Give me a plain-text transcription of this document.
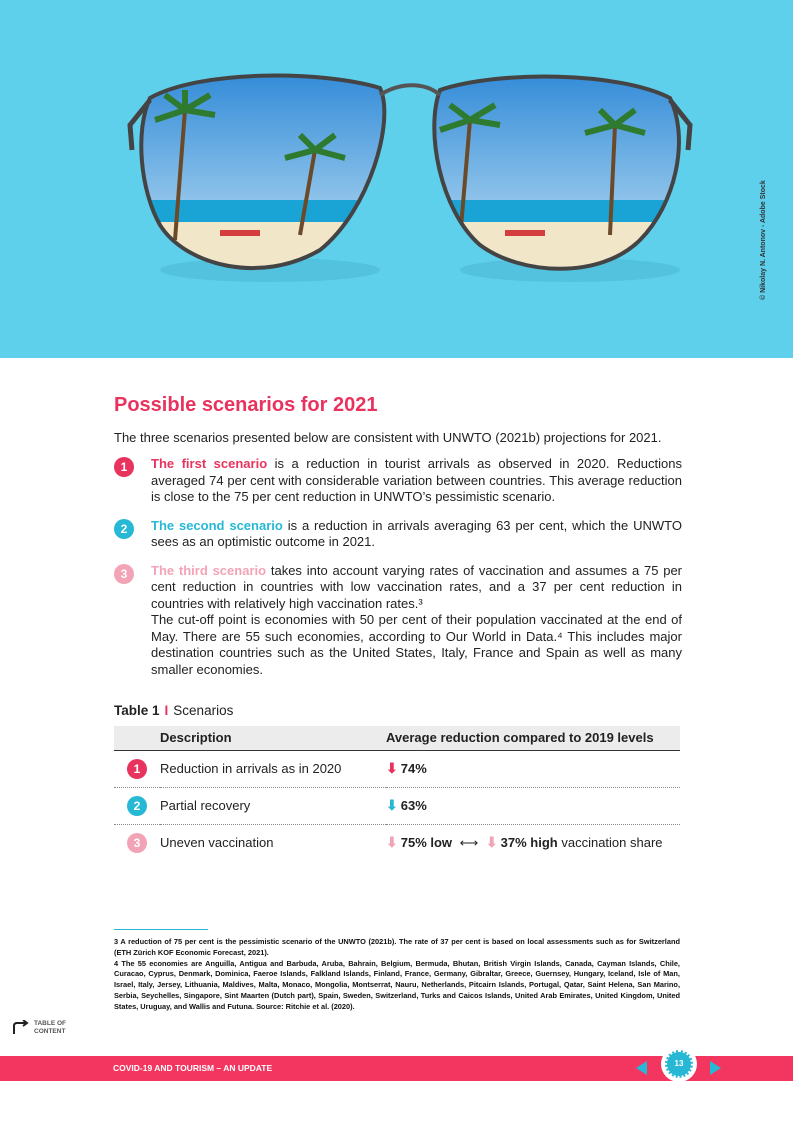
© Nikolay N. Antonov - Adobe Stock
Possible scenarios for 2021

The three scenarios presented below are consistent with UNWTO (2021b) projections for 2021.

1	The first scenario is a reduction in tourist arrivals as observed in 2020. Reductions averaged 74 per cent with considerable variation between countries. This average reduction is close to the 75 per cent reduction in UNWTO’s pessimistic scenario.

2	The second scenario is a reduction in arrivals averaging 63 per cent, which the UNWTO sees as an optimistic outcome in 2021.

3	The third scenario takes into account varying rates of vaccination and assumes a 75 per cent reduction in countries with low vaccination rates, and a 37 per cent reduction in countries with relatively high vaccination rates.³

The cut-off point is economies with 50 per cent of their population vaccinated at the end of May. There are 55 such economies, according to Our World in Data.⁴ This includes major destination countries such as the United States, Italy, France and Spain as well as many smaller economies.

Table 1 I Scenarios
	Description	Average reduction compared to 2019 levels
1	Reduction in arrivals as in 2020	⬇ 74%
2	Partial recovery	⬇ 63%
3	Uneven vaccination	⬇ 75% low ⟷ ⬇ 37% high vaccination share

3 A reduction of 75 per cent is the pessimistic scenario of the UNWTO (2021b). The rate of 37 per cent is based on local assessments such as for Switzerland (ETH Zürich KOF Economic Forecast, 2021).

4 The 55 economies are Anguilla, Antigua and Barbuda, Aruba, Bahrain, Belgium, Bermuda, Bhutan, British Virgin Islands, Canada, Cayman Islands, Chile, Curacao, Cyprus, Denmark, Dominica, Faeroe Islands, Falkland Islands, Finland, France, Germany, Gibraltar, Greece, Guernsey, Hungary, Iceland, Isle of Man, Israel, Italy, Jersey, Lithuania, Maldives, Malta, Monaco, Mongolia, Montserrat, Nauru, Netherlands, Pitcairn Islands, Portugal, Qatar, Saint Helena, San Marino, Serbia, Seychelles, Singapore, Sint Maarten (Dutch part), Spain, Sweden, Switzerland, Turks and Caicos Islands, United Arab Emirates, United Kingdom, United States, Uruguay, and Wallis and Futuna. Source: Ritchie et al. (2020).

TABLE OF
CONTENT
COVID-19 AND TOURISM – AN UPDATE	13
